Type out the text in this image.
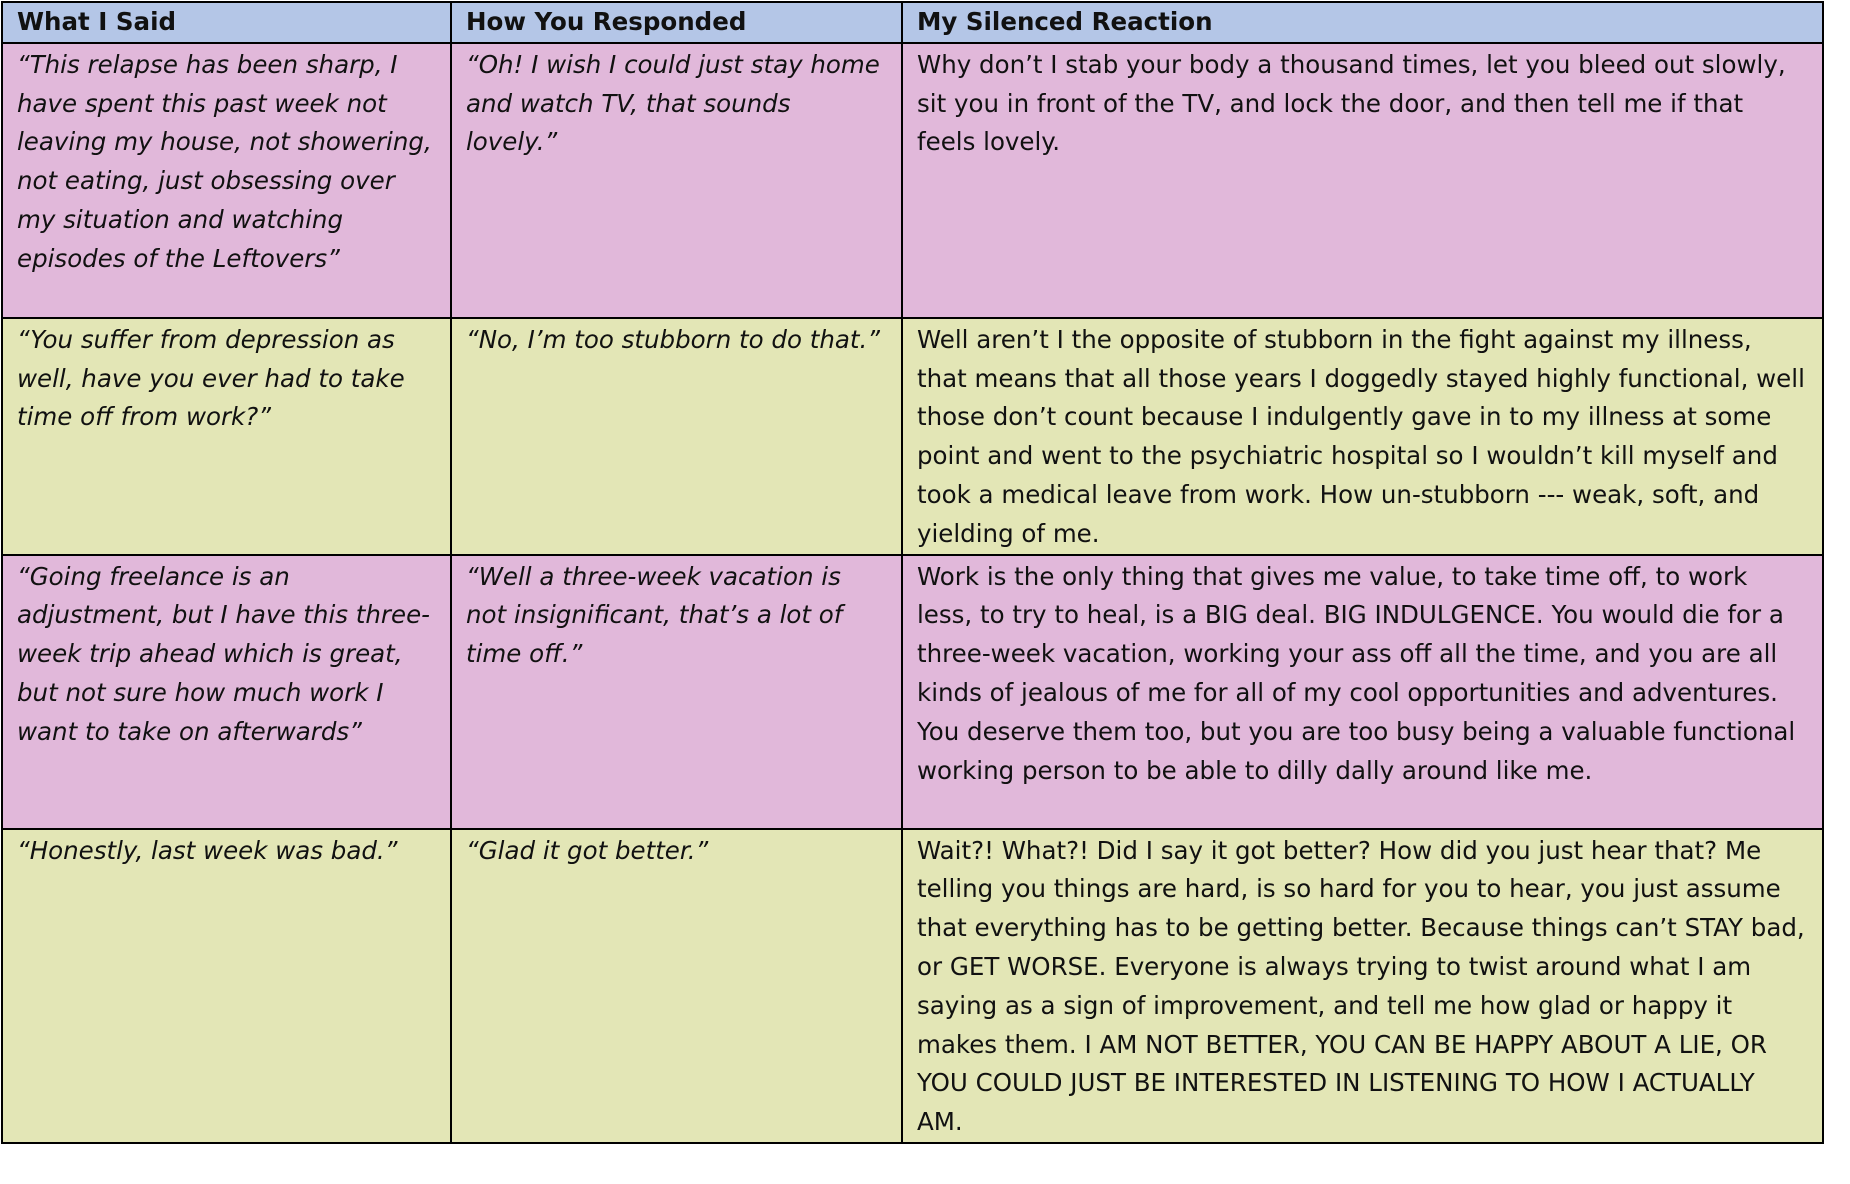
What I Said	How You Responded	My Silenced Reaction
“This relapse has been sharp, I have spent this past week not leaving my house, not showering, not eating, just obsessing over my situation and watching episodes of the Leftovers”	“Oh! I wish I could just stay home and watch TV, that sounds lovely.”	Why don’t I stab your body a thousand times, let you bleed out slowly, sit you in front of the TV, and lock the door, and then tell me if that feels lovely.
“You suffer from depression as well, have you ever had to take time off from work?”	“No, I’m too stubborn to do that.”	Well aren’t I the opposite of stubborn in the fight against my illness, that means that all those years I doggedly stayed highly functional, well those don’t count because I indulgently gave in to my illness at some point and went to the psychiatric hospital so I wouldn’t kill myself and took a medical leave from work. How un-stubborn --- weak, soft, and yielding of me.
“Going freelance is an adjustment, but I have this three-week trip ahead which is great, but not sure how much work I want to take on afterwards”	“Well a three-week vacation is not insignificant, that’s a lot of time off.”	Work is the only thing that gives me value, to take time off, to work less, to try to heal, is a BIG deal. BIG INDULGENCE. You would die for a three-week vacation, working your ass off all the time, and you are all kinds of jealous of me for all of my cool opportunities and adventures. You deserve them too, but you are too busy being a valuable functional working person to be able to dilly dally around like me.
“Honestly, last week was bad.”	“Glad it got better.”	Wait?! What?! Did I say it got better? How did you just hear that? Me telling you things are hard, is so hard for you to hear, you just assume that everything has to be getting better. Because things can’t STAY bad, or GET WORSE. Everyone is always trying to twist around what I am saying as a sign of improvement, and tell me how glad or happy it makes them. I AM NOT BETTER, YOU CAN BE HAPPY ABOUT A LIE, OR YOU COULD JUST BE INTERESTED IN LISTENING TO HOW I ACTUALLY AM.
